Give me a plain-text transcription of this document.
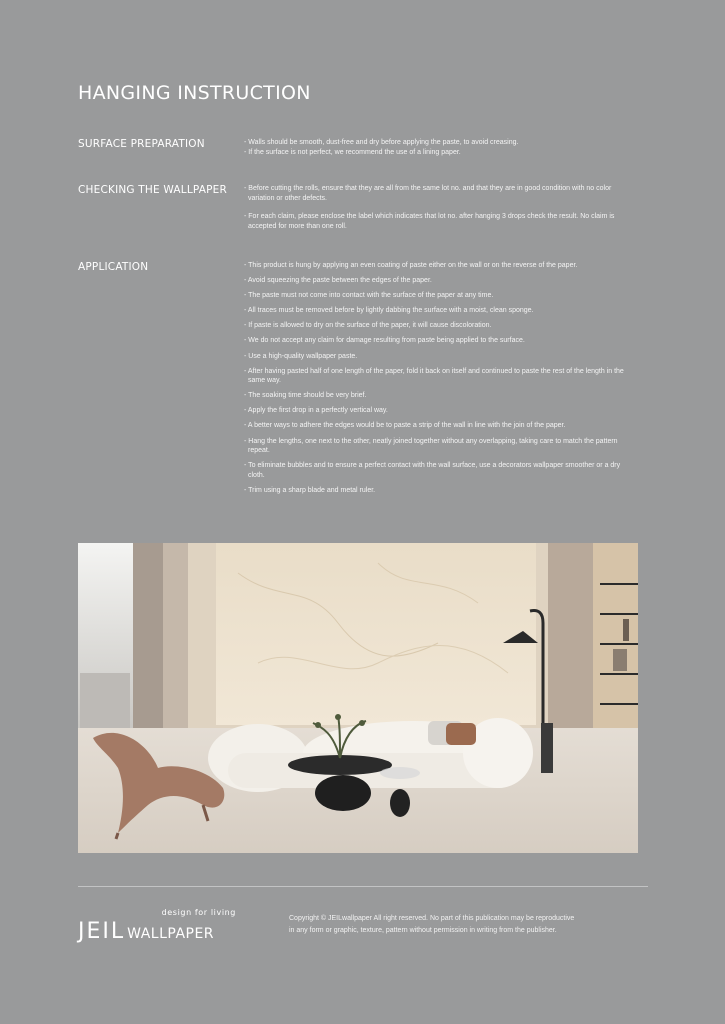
HANGING INSTRUCTION
SURFACE PREPARATION	- Walls should be smooth, dust-free and dry before applying the paste, to avoid creasing.
- If the surface is not perfect, we recommend the use of a lining paper.
CHECKING THE WALLPAPER	- Before cutting the rolls, ensure that they are all from the same lot no. and that they are in good condition with no color variation or other defects.
- For each claim, please enclose the label which indicates that lot no. after hanging 3 drops check the result. No claim is accepted for more than one roll.
APPLICATION	- This product is hung by applying an even coating of paste either on the wall or on the reverse of the paper.
- Avoid squeezing the paste between the edges of the paper.
- The paste must not come into contact with the surface of the paper at any time.
- All traces must be removed before by lightly dabbing the surface with a moist, clean sponge.
- If paste is allowed to dry on the surface of the paper, it will cause discoloration.
- We do not accept any claim for damage resulting from paste being applied to the surface.
- Use a high-quality wallpaper paste.
- After having pasted half of one length of the paper, fold it back on itself and continued to paste the rest of the length in the same way.
- The soaking time should be very brief.
- Apply the first drop in a perfectly vertical way.
- A better ways to adhere the edges would be to paste a strip of the wall in line with the join of the paper.
- Hang the lengths, one next to the other, neatly joined together without any overlapping, taking care to match the pattern repeat.
- To eliminate bubbles and to ensure a perfect contact with the wall surface, use a decorators wallpaper smoother or a dry cloth.
- Trim using a sharp blade and metal ruler.
design for living
JEIL WALLPAPER
Copyright © JEILwallpaper All right reserved. No part of this publication may be reproductive
in any form or graphic, texture, pattern without permission in writing from the publisher.
